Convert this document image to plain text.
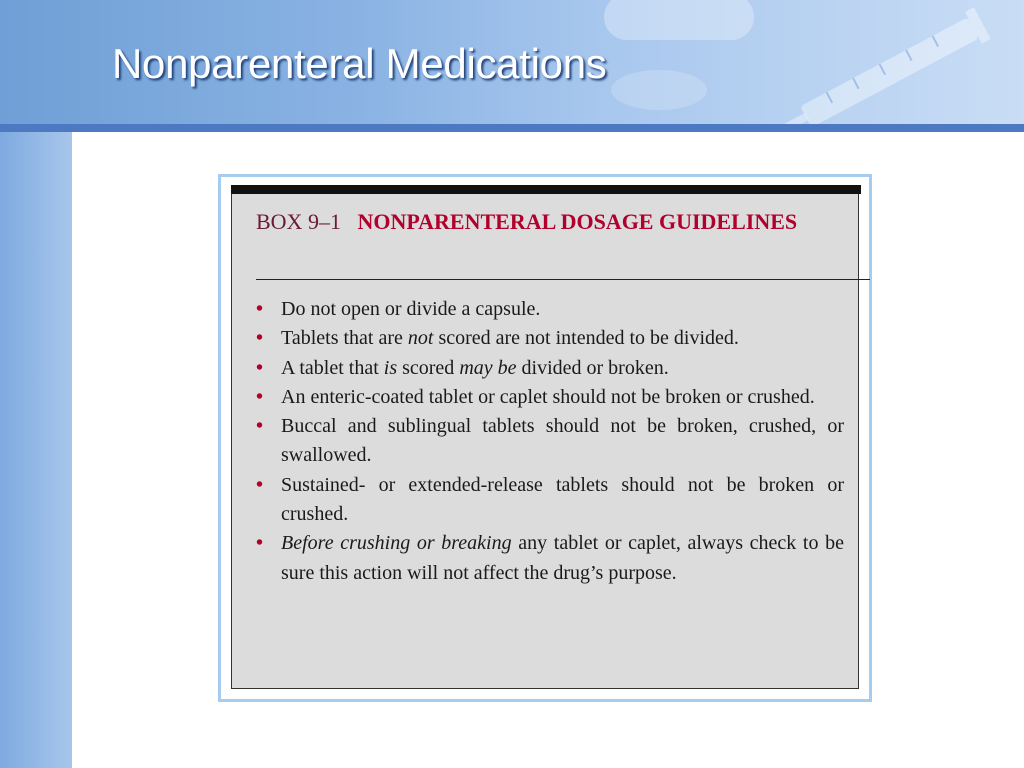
Nonparenteral Medications
BOX 9–1 NONPARENTERAL DOSAGE GUIDELINES
• Do not open or divide a capsule.
• Tablets that are not scored are not intended to be divided.
• A tablet that is scored may be divided or broken.
• An enteric-coated tablet or caplet should not be broken or crushed.
• Buccal and sublingual tablets should not be broken, crushed, or swallowed.
• Sustained- or extended-release tablets should not be broken or crushed.
• Before crushing or breaking any tablet or caplet, always check to be sure this action will not affect the drug’s purpose.
